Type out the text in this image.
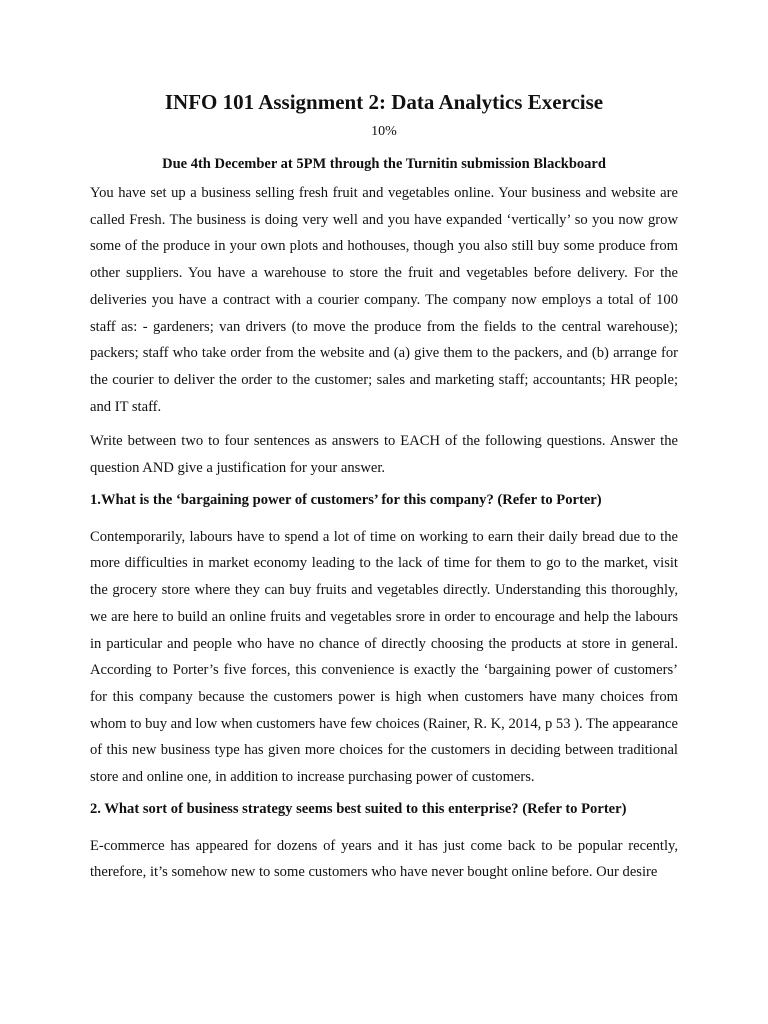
INFO 101 Assignment 2: Data Analytics Exercise
10%
Due 4th December at 5PM through the Turnitin submission Blackboard

You have set up a business selling fresh fruit and vegetables online. Your business and website are called Fresh. The business is doing very well and you have expanded ‘vertically’ so you now grow some of the produce in your own plots and hothouses, though you also still buy some produce from other suppliers. You have a warehouse to store the fruit and vegetables before delivery. For the deliveries you have a contract with a courier company. The company now employs a total of 100 staff as: - gardeners; van drivers (to move the produce from the fields to the central warehouse); packers; staff who take order from the website and (a) give them to the packers, and (b) arrange for the courier to deliver the order to the customer; sales and marketing staff; accountants; HR people; and IT staff.

Write between two to four sentences as answers to EACH of the following questions. Answer the question AND give a justification for your answer.

1.What is the ‘bargaining power of customers’ for this company? (Refer to Porter)

Contemporarily, labours have to spend a lot of time on working to earn their daily bread due to the more difficulties in market economy leading to the lack of time for them to go to the market, visit the grocery store where they can buy fruits and vegetables directly. Understanding this thoroughly, we are here to build an online fruits and vegetables srore in order to encourage and help the labours in particular and people who have no chance of directly choosing the products at store in general. According to Porter’s five forces, this convenience is exactly the ‘bargaining power of customers’ for this company because the customers power is high when customers have many choices from whom to buy and low when customers have few choices (Rainer, R. K, 2014, p 53 ). The appearance of this new business type has given more choices for the customers in deciding between traditional store and online one, in addition to increase purchasing power of customers.

2. What sort of business strategy seems best suited to this enterprise? (Refer to Porter)

E-commerce has appeared for dozens of years and it has just come back to be popular recently, therefore, it’s somehow new to some customers who have never bought online before. Our desire
